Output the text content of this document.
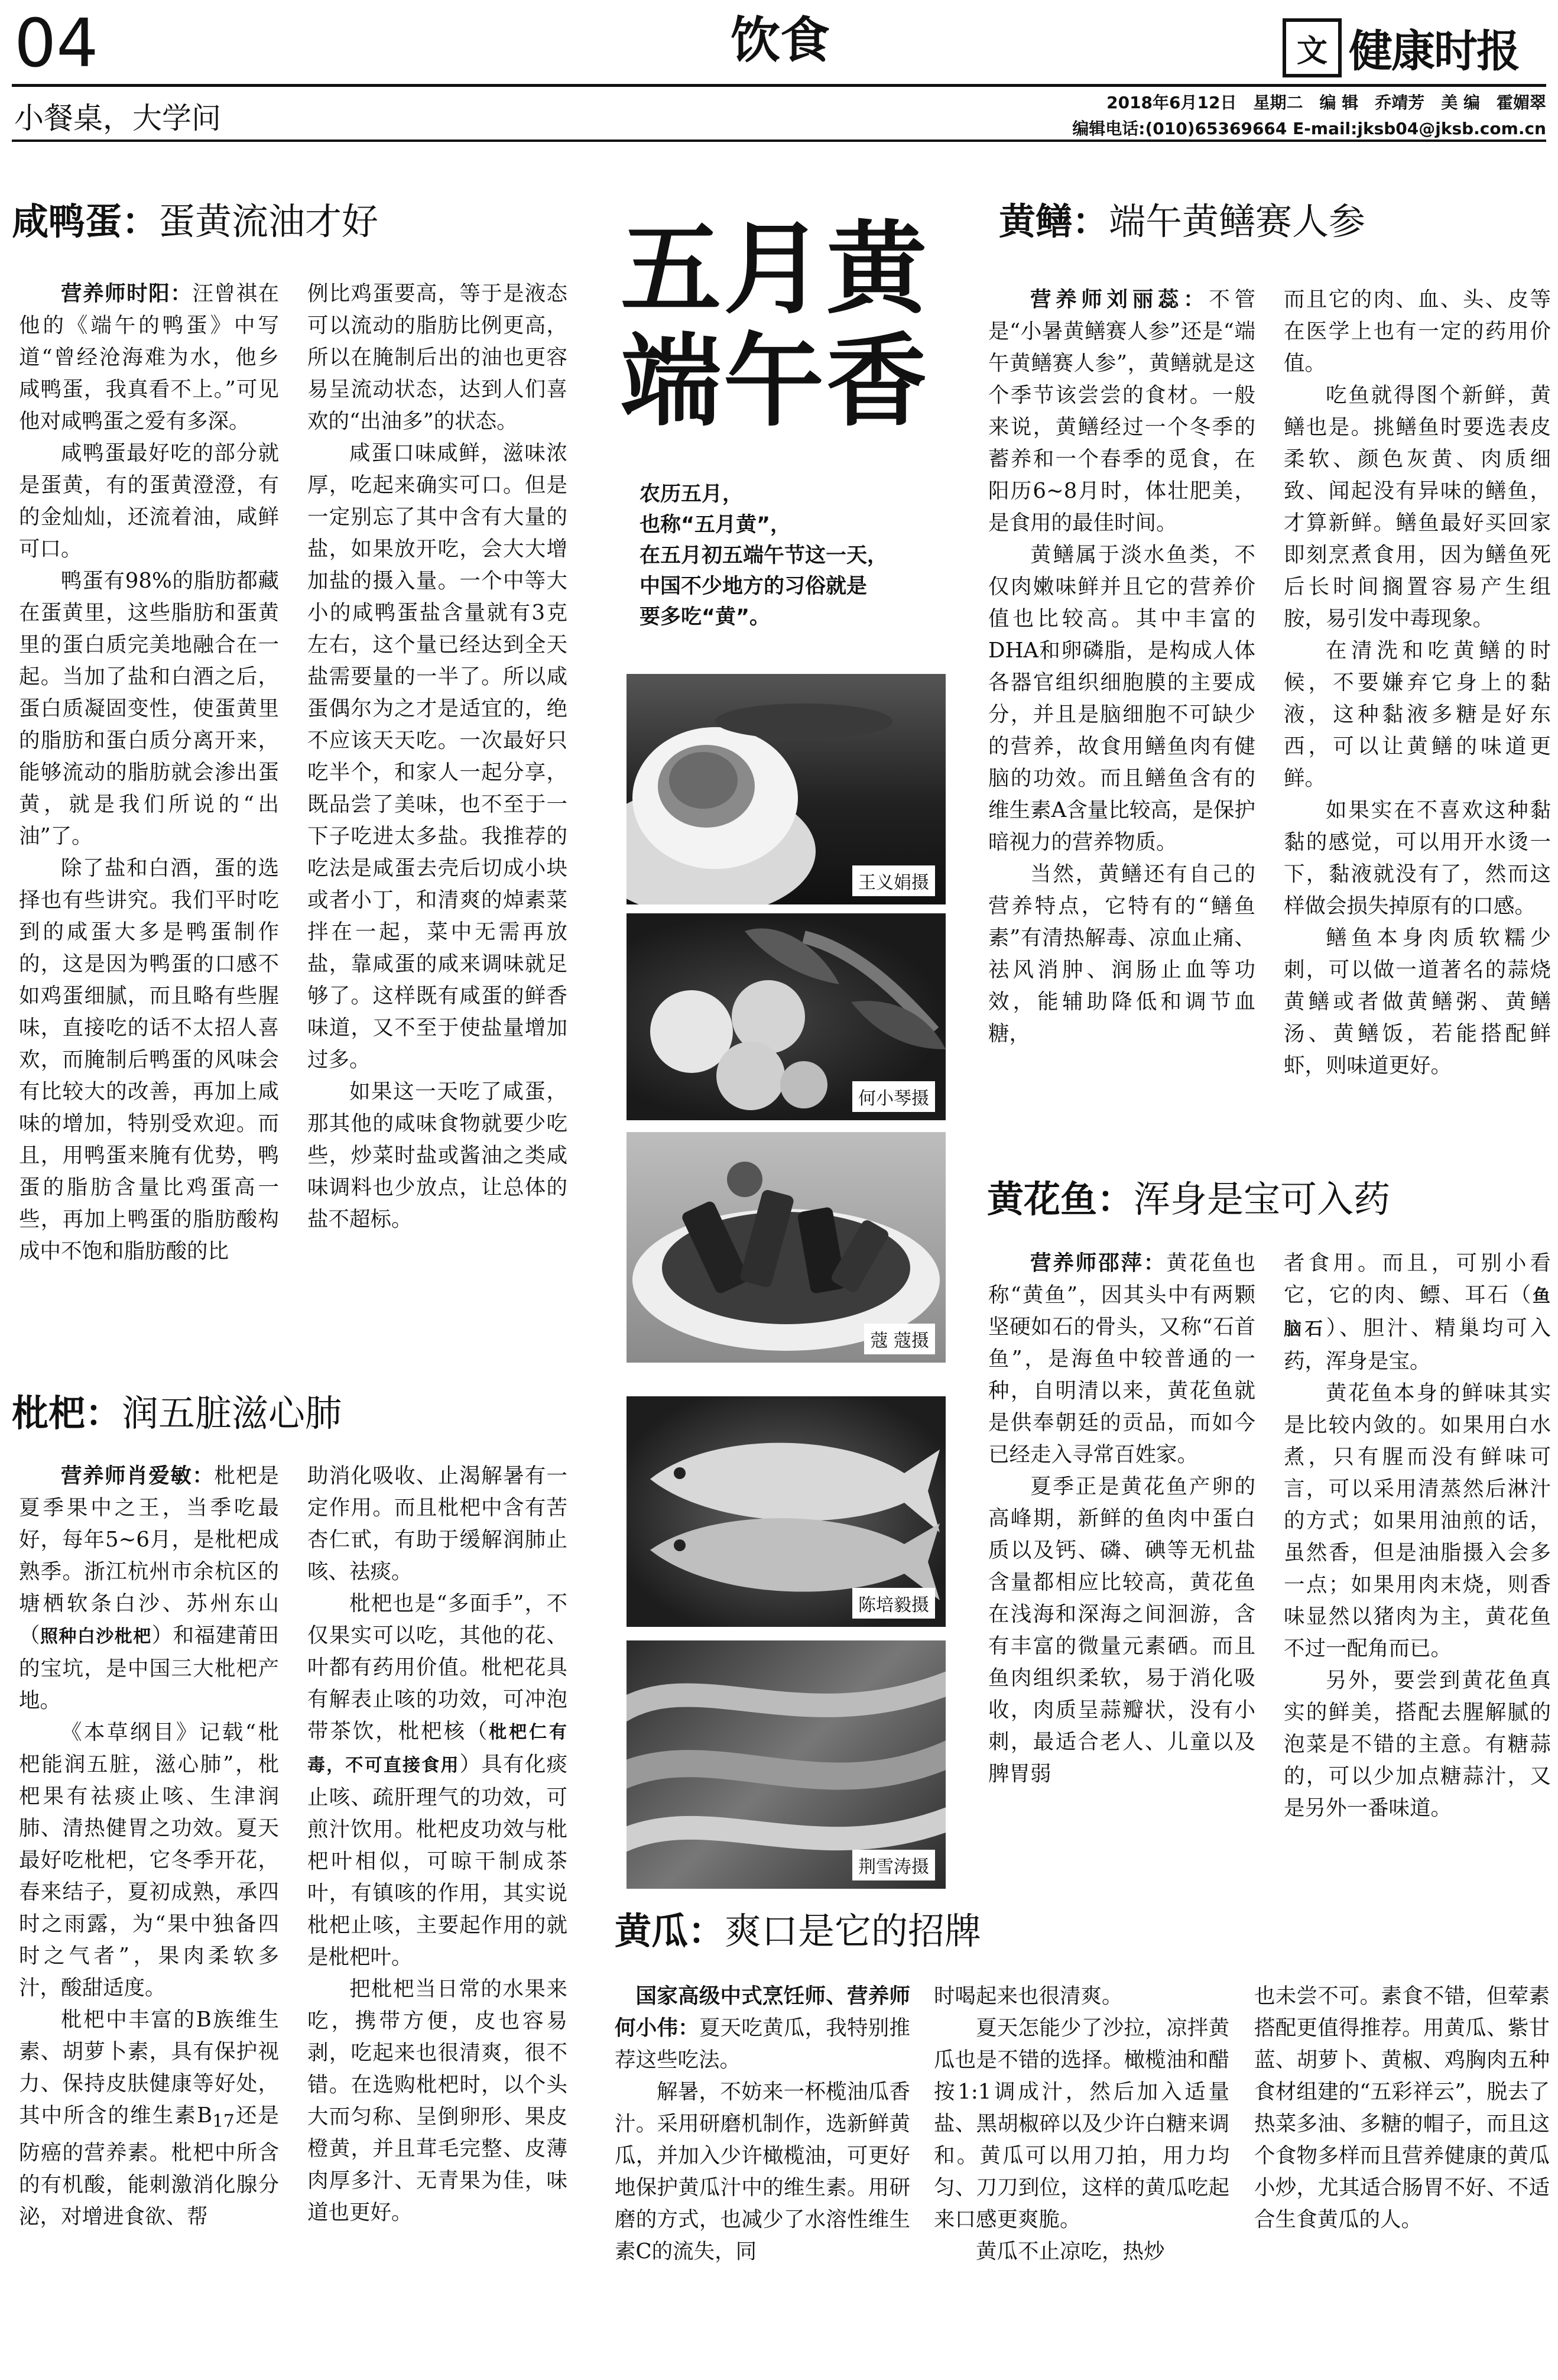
04	饮食	文 健康时报
小餐桌，大学问	2018年6月12日　星期二　编 辑　乔靖芳　美 编　霍媚翠
编辑电话:(010)65369664 E-mail:jksb04@jksb.com.cn
咸鸭蛋：蛋黄流油才好

营养师时阳：汪曾祺在他的《端午的鸭蛋》中写道“曾经沧海难为水，他乡咸鸭蛋，我真看不上。”可见他对咸鸭蛋之爱有多深。

咸鸭蛋最好吃的部分就是蛋黄，有的蛋黄澄澄，有的金灿灿，还流着油，咸鲜可口。

鸭蛋有98%的脂肪都藏在蛋黄里，这些脂肪和蛋黄里的蛋白质完美地融合在一起。当加了盐和白酒之后，蛋白质凝固变性，使蛋黄里的脂肪和蛋白质分离开来，能够流动的脂肪就会渗出蛋黄，就是我们所说的“出油”了。

除了盐和白酒，蛋的选择也有些讲究。我们平时吃到的咸蛋大多是鸭蛋制作的，这是因为鸭蛋的口感不如鸡蛋细腻，而且略有些腥味，直接吃的话不太招人喜欢，而腌制后鸭蛋的风味会有比较大的改善，再加上咸味的增加，特别受欢迎。而且，用鸭蛋来腌有优势，鸭蛋的脂肪含量比鸡蛋高一些，再加上鸭蛋的脂肪酸构成中不饱和脂肪酸的比

例比鸡蛋要高，等于是液态可以流动的脂肪比例更高，所以在腌制后出的油也更容易呈流动状态，达到人们喜欢的“出油多”的状态。

咸蛋口味咸鲜，滋味浓厚，吃起来确实可口。但是一定别忘了其中含有大量的盐，如果放开吃，会大大增加盐的摄入量。一个中等大小的咸鸭蛋盐含量就有3克左右，这个量已经达到全天盐需要量的一半了。所以咸蛋偶尔为之才是适宜的，绝不应该天天吃。一次最好只吃半个，和家人一起分享，既品尝了美味，也不至于一下子吃进太多盐。我推荐的吃法是咸蛋去壳后切成小块或者小丁，和清爽的焯素菜拌在一起，菜中无需再放盐，靠咸蛋的咸来调味就足够了。这样既有咸蛋的鲜香味道，又不至于使盐量增加过多。

如果这一天吃了咸蛋，那其他的咸味食物就要少吃些，炒菜时盐或酱油之类咸味调料也少放点，让总体的盐不超标。

枇杷：润五脏滋心肺

营养师肖爱敏：枇杷是夏季果中之王，当季吃最好，每年5~6月，是枇杷成熟季。浙江杭州市余杭区的塘栖软条白沙、苏州东山（照种白沙枇杷）和福建莆田的宝坑，是中国三大枇杷产地。

《本草纲目》记载“枇杷能润五脏，滋心肺”，枇杷果有祛痰止咳、生津润肺、清热健胃之功效。夏天最好吃枇杷，它冬季开花，春来结子，夏初成熟，承四时之雨露，为“果中独备四时之气者”，果肉柔软多汁，酸甜适度。

枇杷中丰富的B族维生素、胡萝卜素，具有保护视力、保持皮肤健康等好处，其中所含的维生素$B_{17}$还是防癌的营养素。枇杷中所含的有机酸，能刺激消化腺分泌，对增进食欲、帮

助消化吸收、止渴解暑有一定作用。而且枇杷中含有苦杏仁甙，有助于缓解润肺止咳、祛痰。

枇杷也是“多面手”，不仅果实可以吃，其他的花、叶都有药用价值。枇杷花具有解表止咳的功效，可冲泡带茶饮，枇杷核（枇杷仁有毒，不可直接食用）具有化痰止咳、疏肝理气的功效，可煎汁饮用。枇杷皮功效与枇杷叶相似，可晾干制成茶叶，有镇咳的作用，其实说枇杷止咳，主要起作用的就是枇杷叶。

把枇杷当日常的水果来吃，携带方便，皮也容易剥，吃起来也很清爽，很不错。在选购枇杷时，以个头大而匀称、呈倒卵形、果皮橙黄，并且茸毛完整、皮薄肉厚多汁、无青果为佳，味道也更好。

五月黄
端午香
农历五月，
也称“五月黄”，
在五月初五端午节这一天，
中国不少地方的习俗就是
要多吃“黄”。
王义娟摄
何小琴摄
蔻 蔻摄
陈培毅摄
荆雪涛摄
黄鳝：端午黄鳝赛人参

营养师刘丽蕊：不管是“小暑黄鳝赛人参”还是“端午黄鳝赛人参”，黄鳝就是这个季节该尝尝的食材。一般来说，黄鳝经过一个冬季的蓄养和一个春季的觅食，在阳历6~8月时，体壮肥美，是食用的最佳时间。

黄鳝属于淡水鱼类，不仅肉嫩味鲜并且它的营养价值也比较高。其中丰富的DHA和卵磷脂，是构成人体各器官组织细胞膜的主要成分，并且是脑细胞不可缺少的营养，故食用鳝鱼肉有健脑的功效。而且鳝鱼含有的维生素A含量比较高，是保护暗视力的营养物质。

当然，黄鳝还有自己的营养特点，它特有的“鳝鱼素”有清热解毒、凉血止痛、祛风消肿、润肠止血等功效，能辅助降低和调节血糖，

而且它的肉、血、头、皮等在医学上也有一定的药用价值。

吃鱼就得图个新鲜，黄鳝也是。挑鳝鱼时要选表皮柔软、颜色灰黄、肉质细致、闻起没有异味的鳝鱼，才算新鲜。鳝鱼最好买回家即刻烹煮食用，因为鳝鱼死后长时间搁置容易产生组胺，易引发中毒现象。

在清洗和吃黄鳝的时候，不要嫌弃它身上的黏液，这种黏液多糖是好东西，可以让黄鳝的味道更鲜。

如果实在不喜欢这种黏黏的感觉，可以用开水烫一下，黏液就没有了，然而这样做会损失掉原有的口感。

鳝鱼本身肉质软糯少刺，可以做一道著名的蒜烧黄鳝或者做黄鳝粥、黄鳝汤、黄鳝饭，若能搭配鲜虾，则味道更好。

黄花鱼：浑身是宝可入药

营养师邵萍：黄花鱼也称“黄鱼”，因其头中有两颗坚硬如石的骨头，又称“石首鱼”，是海鱼中较普通的一种，自明清以来，黄花鱼就是供奉朝廷的贡品，而如今已经走入寻常百姓家。

夏季正是黄花鱼产卵的高峰期，新鲜的鱼肉中蛋白质以及钙、磷、碘等无机盐含量都相应比较高，黄花鱼在浅海和深海之间洄游，含有丰富的微量元素硒。而且鱼肉组织柔软，易于消化吸收，肉质呈蒜瓣状，没有小刺，最适合老人、儿童以及脾胃弱

者食用。而且，可别小看它，它的肉、鳔、耳石（鱼脑石）、胆汁、精巢均可入药，浑身是宝。

黄花鱼本身的鲜味其实是比较内敛的。如果用白水煮，只有腥而没有鲜味可言，可以采用清蒸然后淋汁的方式；如果用油煎的话，虽然香，但是油脂摄入会多一点；如果用肉末烧，则香味显然以猪肉为主，黄花鱼不过一配角而已。

另外，要尝到黄花鱼真实的鲜美，搭配去腥解腻的泡菜是不错的主意。有糖蒜的，可以少加点糖蒜汁，又是另外一番味道。

黄瓜：爽口是它的招牌

国家高级中式烹饪师、营养师何小伟：夏天吃黄瓜，我特别推荐这些吃法。

解暑，不妨来一杯榄油瓜香汁。采用研磨机制作，选新鲜黄瓜，并加入少许橄榄油，可更好地保护黄瓜汁中的维生素。用研磨的方式，也减少了水溶性维生素C的流失，同

时喝起来也很清爽。

夏天怎能少了沙拉，凉拌黄瓜也是不错的选择。橄榄油和醋按1:1调成汁，然后加入适量盐、黑胡椒碎以及少许白糖来调和。黄瓜可以用刀拍，用力均匀、刀刀到位，这样的黄瓜吃起来口感更爽脆。

黄瓜不止凉吃，热炒

也未尝不可。素食不错，但荤素搭配更值得推荐。用黄瓜、紫甘蓝、胡萝卜、黄椒、鸡胸肉五种食材组建的“五彩祥云”，脱去了热菜多油、多糖的帽子，而且这个食物多样而且营养健康的黄瓜小炒，尤其适合肠胃不好、不适合生食黄瓜的人。
